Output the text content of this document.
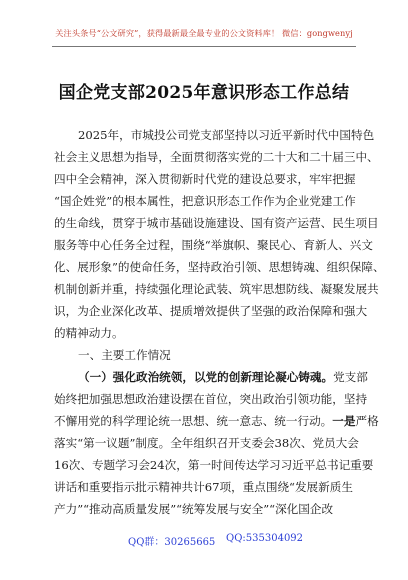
关注头条号“公文研究”，获得最新最全最专业的公文资料库！ 微信：gongwenyj
国企党支部2025年意识形态工作总结
2025年，市城投公司党支部坚持以习近平新时代中国特色
社会主义思想为指导，全面贯彻落实党的二十大和二十届三中、
四中全会精神，深入贯彻新时代党的建设总要求，牢牢把握
“国企姓党”的根本属性，把意识形态工作作为企业党建工作
的生命线，贯穿于城市基础设施建设、国有资产运营、民生项目
服务等中心任务全过程，围绕“举旗帜、聚民心、育新人、兴文
化、展形象”的使命任务，坚持政治引领、思想铸魂、组织保障、
机制创新并重，持续强化理论武装、筑牢思想防线、凝聚发展共
识，为企业深化改革、提质增效提供了坚强的政治保障和强大
的精神动力。
一、主要工作情况
（一）强化政治统领，以党的创新理论凝心铸魂。党支部
始终把加强思想政治建设摆在首位，突出政治引领功能，坚持
不懈用党的科学理论统一思想、统一意志、统一行动。一是严格
落实“第一议题”制度。全年组织召开支委会38次、党员大会
16次、专题学习会24次，第一时间传达学习习近平总书记重要
讲话和重要指示批示精神共计67项，重点围绕“发展新质生
产力”“推动高质量发展”“统筹发展与安全”“深化国企改
QQ群：30265665 QQ:535304092
